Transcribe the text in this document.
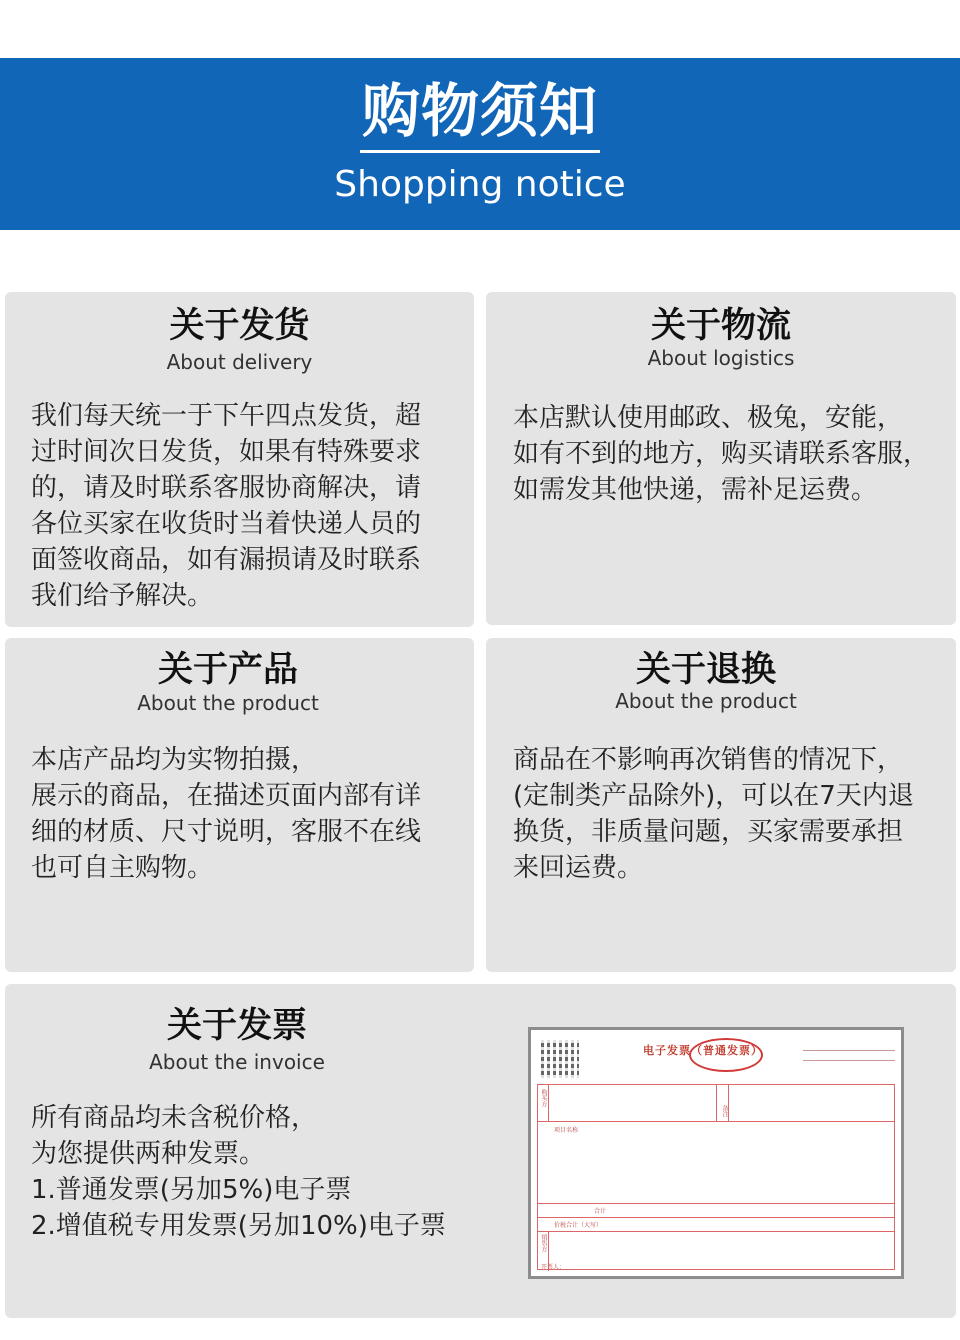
购物须知
Shopping notice
关于发货
About delivery

我们每天统一于下午四点发货，超

过时间次日发货，如果有特殊要求

的，请及时联系客服协商解决，请

各位买家在收货时当着快递人员的

面签收商品，如有漏损请及时联系

我们给予解决。

关于物流
About logistics

本店默认使用邮政、极兔，安能，

如有不到的地方，购买请联系客服，

如需发其他快递，需补足运费。

关于产品
About the product

本店产品均为实物拍摄，

展示的商品，在描述页面内部有详

细的材质、尺寸说明，客服不在线

也可自主购物。

关于退换
About the product

商品在不影响再次销售的情况下，

(定制类产品除外)，可以在7天内退

换货，非质量问题，买家需要承担

来回运费。

关于发票
About the invoice

所有商品均未含税价格，

为您提供两种发票。

1.普通发票(另加5%)电子票

2.增值税专用发票(另加10%)电子票

电子发票（普通发票）
购买方
项目名称
合计
价税合计（大写）
销售方
备注
开票人：
